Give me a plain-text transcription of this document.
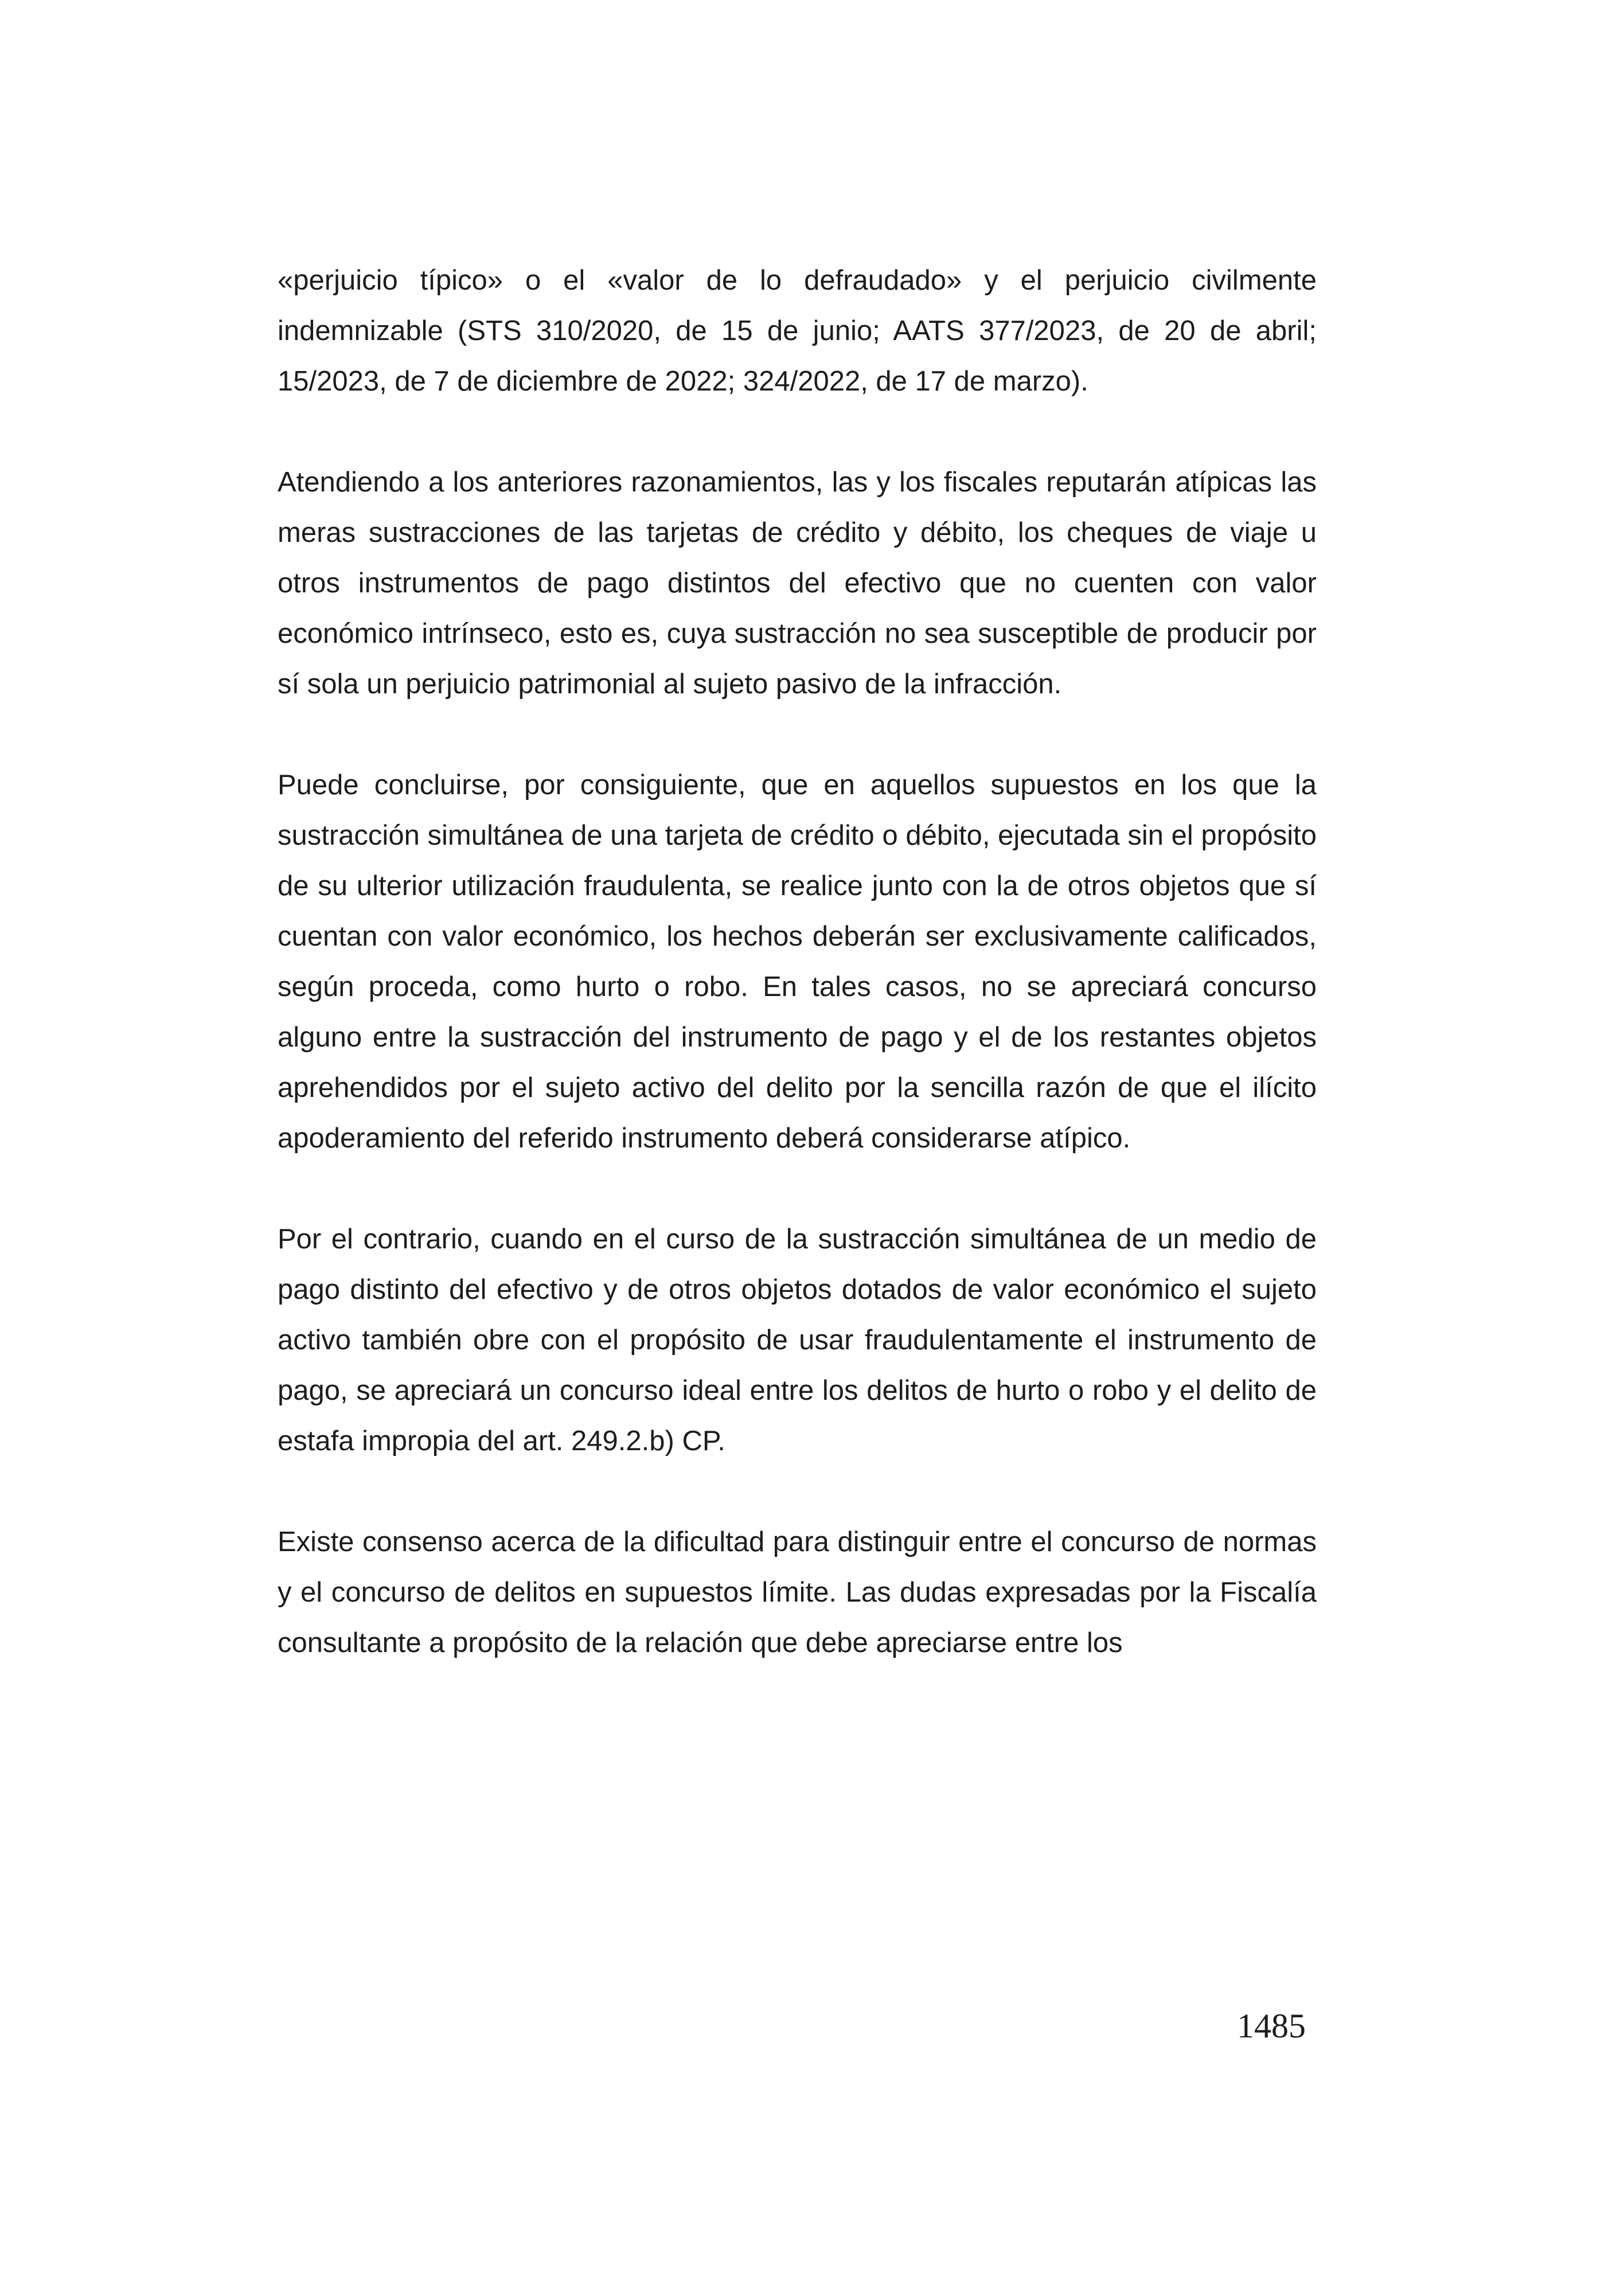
«perjuicio típico» o el «valor de lo defraudado» y el perjuicio civilmente indemnizable (STS 310/2020, de 15 de junio; AATS 377/2023, de 20 de abril; 15/2023, de 7 de diciembre de 2022; 324/2022, de 17 de marzo).

Atendiendo a los anteriores razonamientos, las y los fiscales reputarán atípicas las meras sustracciones de las tarjetas de crédito y débito, los cheques de viaje u otros instrumentos de pago distintos del efectivo que no cuenten con valor económico intrínseco, esto es, cuya sustracción no sea susceptible de producir por sí sola un perjuicio patrimonial al sujeto pasivo de la infracción.

Puede concluirse, por consiguiente, que en aquellos supuestos en los que la sustracción simultánea de una tarjeta de crédito o débito, ejecutada sin el propósito de su ulterior utilización fraudulenta, se realice junto con la de otros objetos que sí cuentan con valor económico, los hechos deberán ser exclusivamente calificados, según proceda, como hurto o robo. En tales casos, no se apreciará concurso alguno entre la sustracción del instrumento de pago y el de los restantes objetos aprehendidos por el sujeto activo del delito por la sencilla razón de que el ilícito apoderamiento del referido instrumento deberá considerarse atípico.

Por el contrario, cuando en el curso de la sustracción simultánea de un medio de pago distinto del efectivo y de otros objetos dotados de valor económico el sujeto activo también obre con el propósito de usar fraudulentamente el instrumento de pago, se apreciará un concurso ideal entre los delitos de hurto o robo y el delito de estafa impropia del art. 249.2.b) CP.

Existe consenso acerca de la dificultad para distinguir entre el concurso de normas y el concurso de delitos en supuestos límite. Las dudas expresadas por la Fiscalía consultante a propósito de la relación que debe apreciarse entre los

1485
